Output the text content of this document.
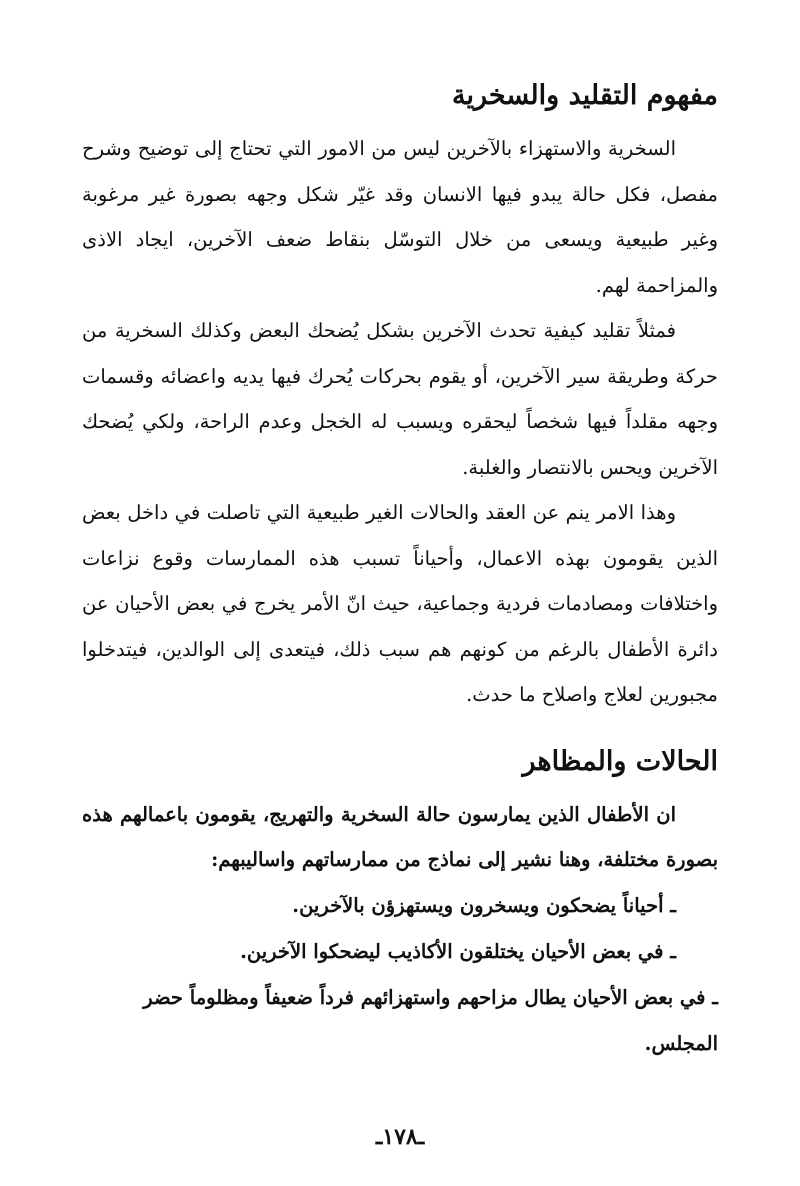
مفهوم التقليد والسخرية

السخرية والاستهزاء بالآخرين ليس من الامور التي تحتاج إلى توضيح وشرح مفصل، فكل حالة يبدو فيها الانسان وقد غيّر شكل وجهه بصورة غير مرغوبة وغير طبيعية ويسعى من خلال التوسّل بنقاط ضعف الآخرين، ايجاد الاذى والمزاحمة لهم.

فمثلاً تقليد كيفية تحدث الآخرين بشكل يُضحك البعض وكذلك السخرية من حركة وطريقة سير الآخرين، أو يقوم بحركات يُحرك فيها يديه واعضائه وقسمات وجهه مقلداً فيها شخصاً ليحقره ويسبب له الخجل وعدم الراحة، ولكي يُضحك الآخرين ويحس بالانتصار والغلبة.

وهذا الامر ينم عن العقد والحالات الغير طبيعية التي تاصلت في داخل بعض الذين يقومون بهذه الاعمال، وأحياناً تسبب هذه الممارسات وقوع نزاعات واختلافات ومصادمات فردية وجماعية، حيث انّ الأمر يخرج في بعض الأحيان عن دائرة الأطفال بالرغم من كونهم هم سبب ذلك، فيتعدى إلى الوالدين، فيتدخلوا مجبورين لعلاج واصلاح ما حدث.

الحالات والمظاهر

ان الأطفال الذين يمارسون حالة السخرية والتهريج، يقومون باعمالهم هذه بصورة مختلفة، وهنا نشير إلى نماذج من ممارساتهم واساليبهم:

ـ أحياناً يضحكون ويسخرون ويستهزؤن بالآخرين.

ـ في بعض الأحيان يختلقون الأكاذيب ليضحكوا الآخرين.

ـ في بعض الأحيان يطال مزاحهم واستهزائهم فرداً ضعيفاً ومظلوماً حضر المجلس.

ـ١٧٨ـ
